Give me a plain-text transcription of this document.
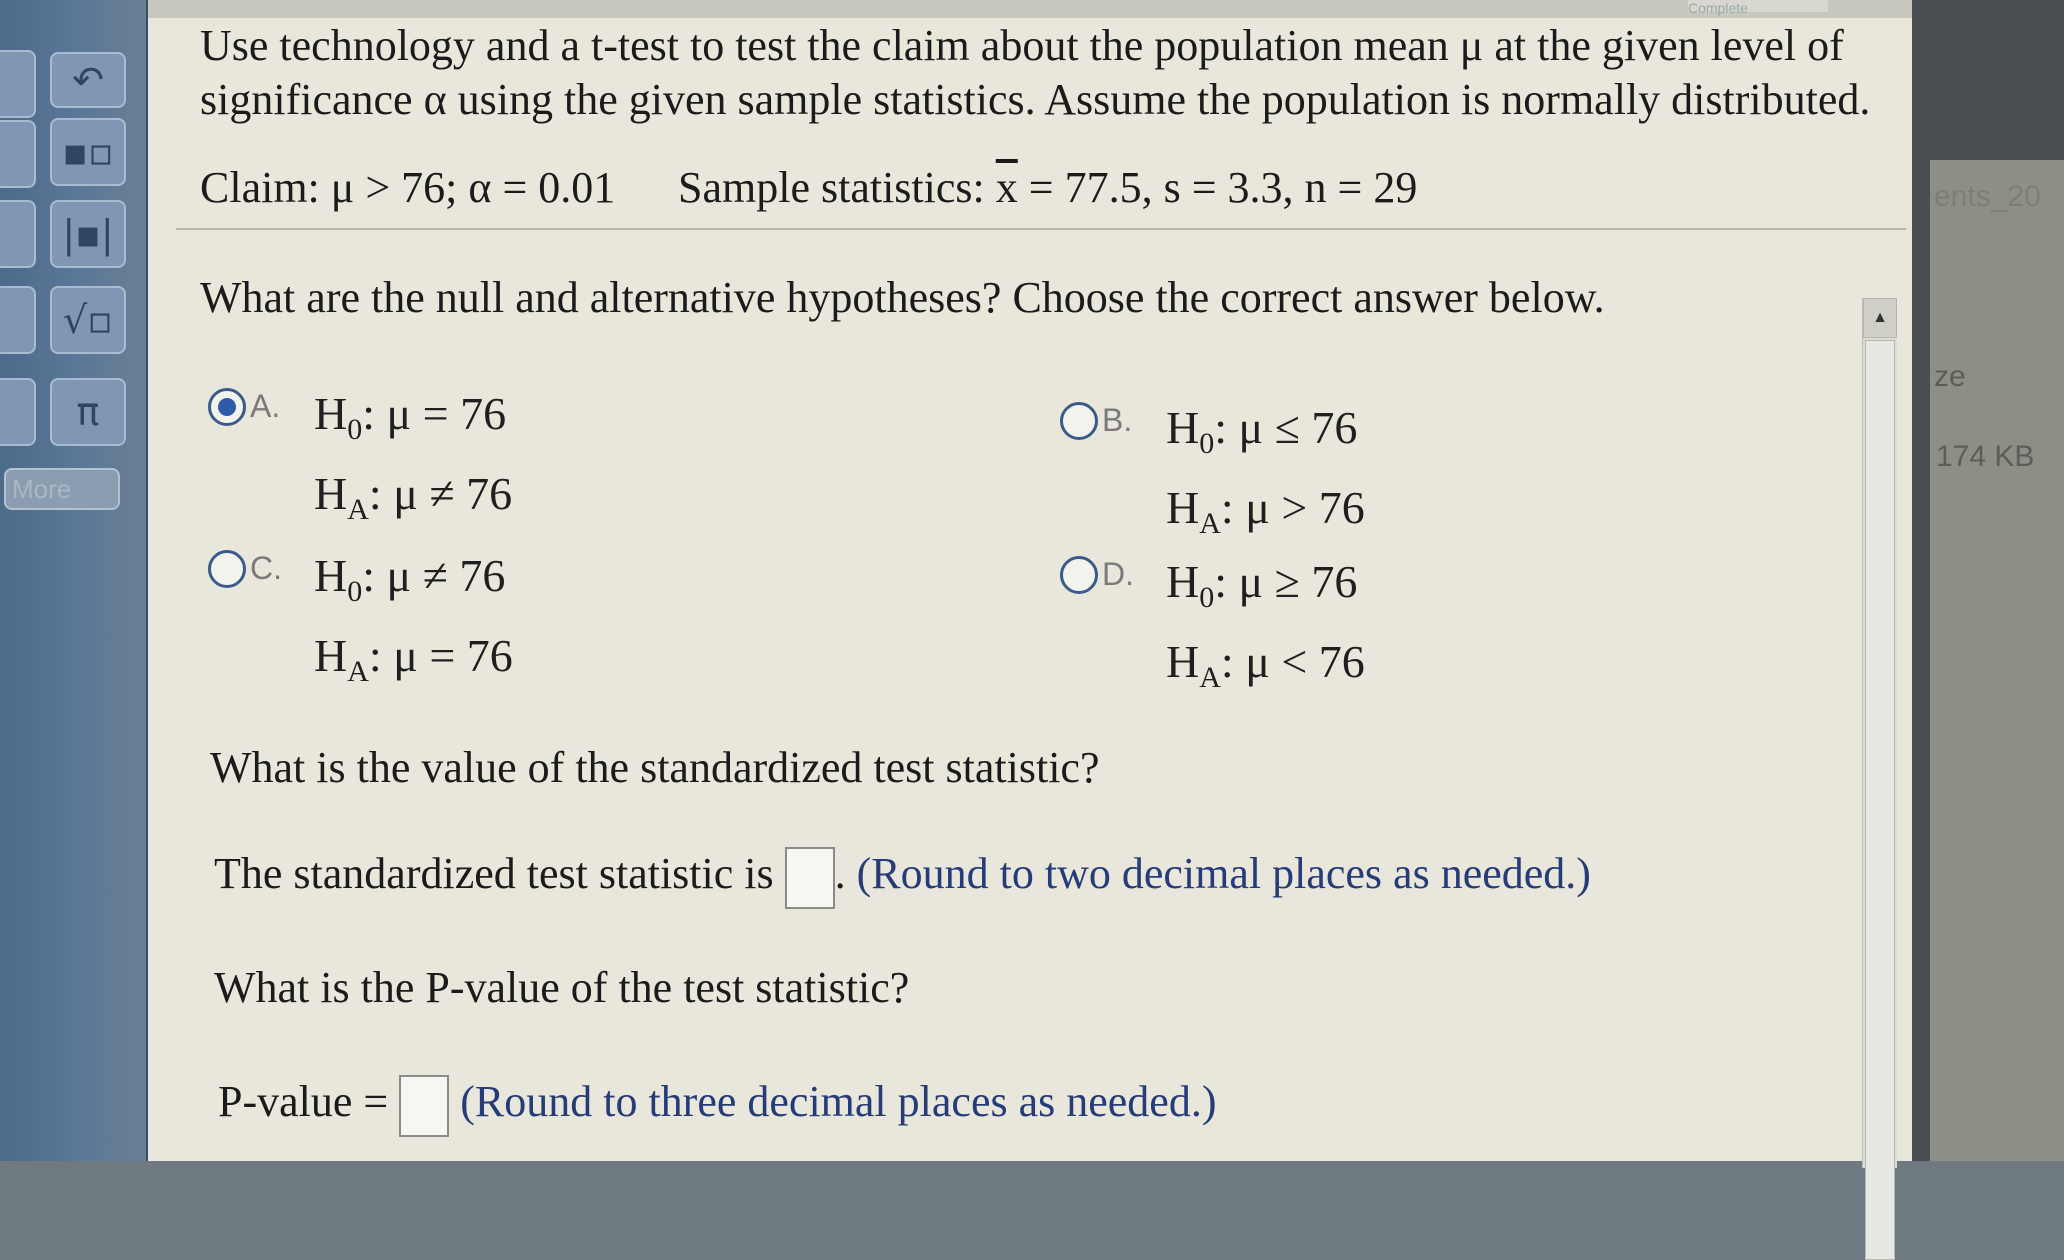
↶
▪▫
|▪|
√▫
π
More
Complete
Use technology and a t-test to test the claim about the population mean μ at the given level of
significance α using the given sample statistics. Assume the population is normally distributed.
Claim: μ > 76; α = 0.01 Sample statistics: $\overline{x} = 77.5$, s = 3.3, n = 29
What are the null and alternative hypotheses? Choose the correct answer below.
A. $H_0$: μ = 76
$H_A$: μ ≠ 76
B. $H_0$: μ ≤ 76
$H_A$: μ > 76
C. $H_0$: μ ≠ 76
$H_A$: μ = 76
D. $H_0$: μ ≥ 76
$H_A$: μ < 76
What is the value of the standardized test statistic?
The standardized test statistic is . (Round to two decimal places as needed.)
What is the P-value of the test statistic?
P-value = (Round to three decimal places as needed.)
▲
ents_20
ze
174 KB
